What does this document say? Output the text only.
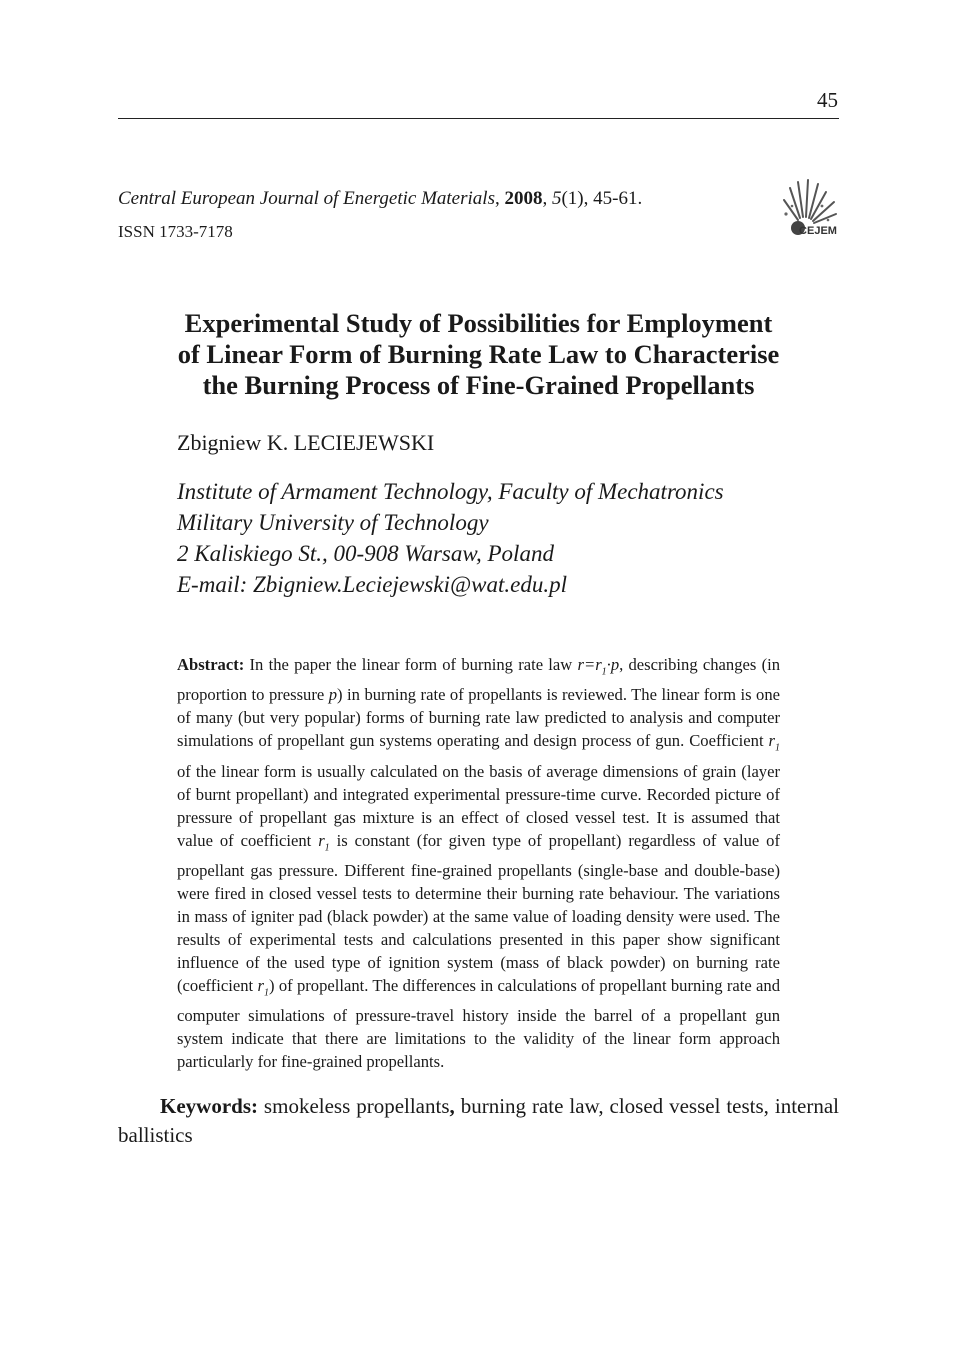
45
Central European Journal of Energetic Materials, 2008, 5(1), 45-61.
ISSN 1733-7178	CEJEM
Experimental Study of Possibilities for Employment
of Linear Form of Burning Rate Law to Characterise
the Burning Process of Fine-Grained Propellants
Zbigniew K. LECIEJEWSKI
Institute of Armament Technology, Faculty of Mechatronics
Military University of Technology
2 Kaliskiego St., 00-908 Warsaw, Poland
E-mail: Zbigniew.Leciejewski@wat.edu.pl

Abstract: In the paper the linear form of burning rate law $r=r_1\cdot p$, describing changes (in proportion to pressure p) in burning rate of propellants is reviewed. The linear form is one of many (but very popular) forms of burning rate law predicted to analysis and computer simulations of propellant gun systems operating and design process of gun. Coefficient $r_1$ of the linear form is usually calculated on the basis of average dimensions of grain (layer of burnt propellant) and integrated experimental pressure-time curve. Recorded picture of pressure of propellant gas mixture is an effect of closed vessel test. It is assumed that value of coefficient $r_1$ is constant (for given type of propellant) regardless of value of propellant gas pressure. Different fine-grained propellants (single-base and double-base) were fired in closed vessel tests to determine their burning rate behaviour. The variations in mass of igniter pad (black powder) at the same value of loading density were used. The results of experimental tests and calculations presented in this paper show significant influence of the used type of ignition system (mass of black powder) on burning rate (coefficient $r_1$) of propellant. The differences in calculations of propellant burning rate and computer simulations of pressure-travel history inside the barrel of a propellant gun system indicate that there are limitations to the validity of the linear form approach particularly for fine-grained propellants.

Keywords: smokeless propellants, burning rate law, closed vessel tests, internal ballistics
